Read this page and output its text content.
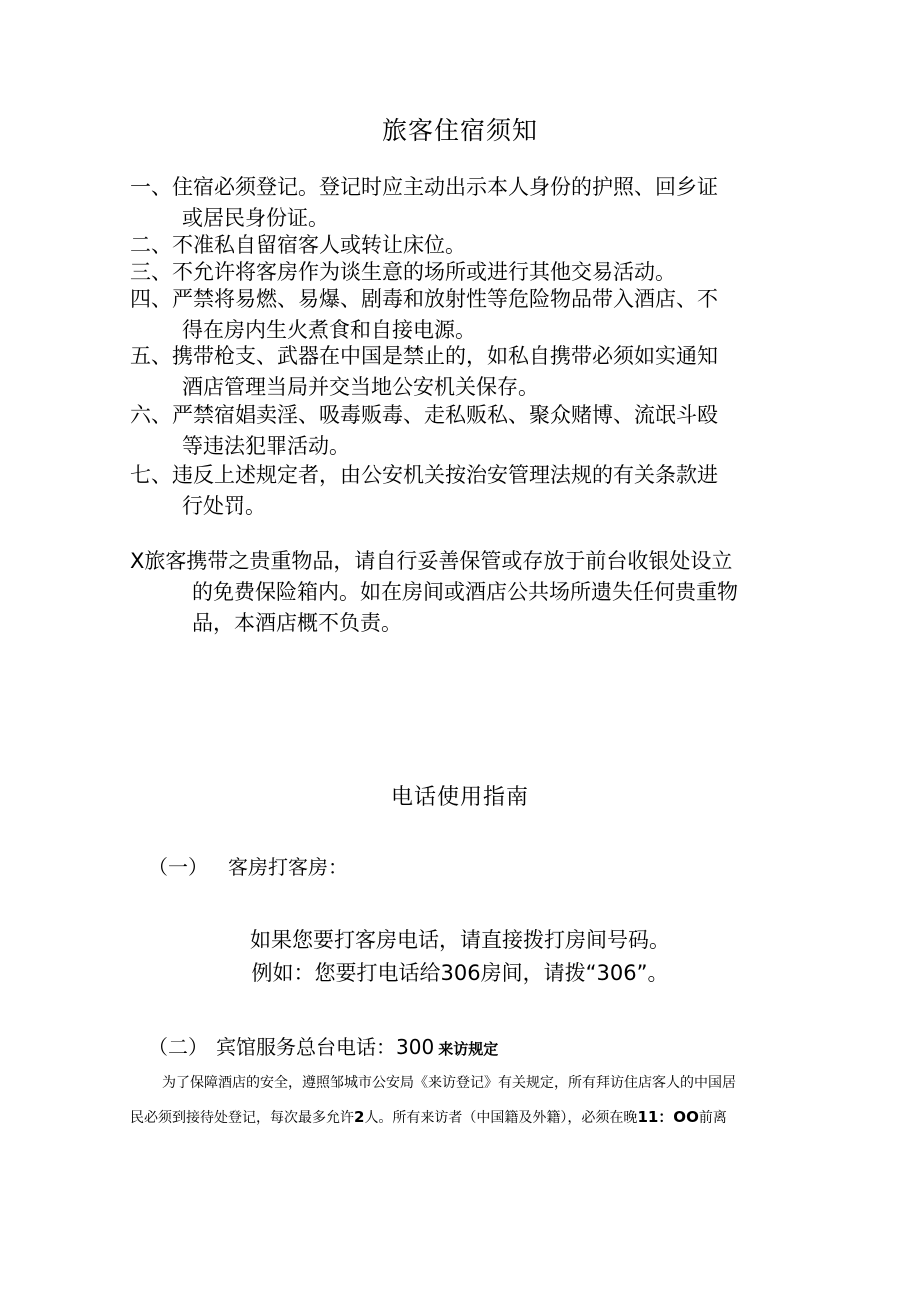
旅客住宿须知
一、住宿必须登记。登记时应主动出示本人身份的护照、回乡证
或居民身份证。
二、不准私自留宿客人或转让床位。
三、不允许将客房作为谈生意的场所或进行其他交易活动。
四、严禁将易燃、易爆、剧毒和放射性等危险物品带入酒店、不
得在房内生火煮食和自接电源。
五、携带枪支、武器在中国是禁止的，如私自携带必须如实通知
酒店管理当局并交当地公安机关保存。
六、严禁宿娼卖淫、吸毒贩毒、走私贩私、聚众赌博、流氓斗殴
等违法犯罪活动。
七、违反上述规定者，由公安机关按治安管理法规的有关条款进
行处罚。
X旅客携带之贵重物品，请自行妥善保管或存放于前台收银处设立
的免费保险箱内。如在房间或酒店公共场所遗失任何贵重物
品，本酒店概不负责。
电话使用指南
（一） 客房打客房：
如果您要打客房电话，请直接拨打房间号码。
例如：您要打电话给306房间，请拨“306”。
（二） 宾馆服务总台电话：300 来访规定
为了保障酒店的安全，遵照邹城市公安局《来访登记》有关规定，所有拜访住店客人的中国居
民必须到接待处登记，每次最多允许2人。所有来访者（中国籍及外籍），必须在晚11：OO前离
